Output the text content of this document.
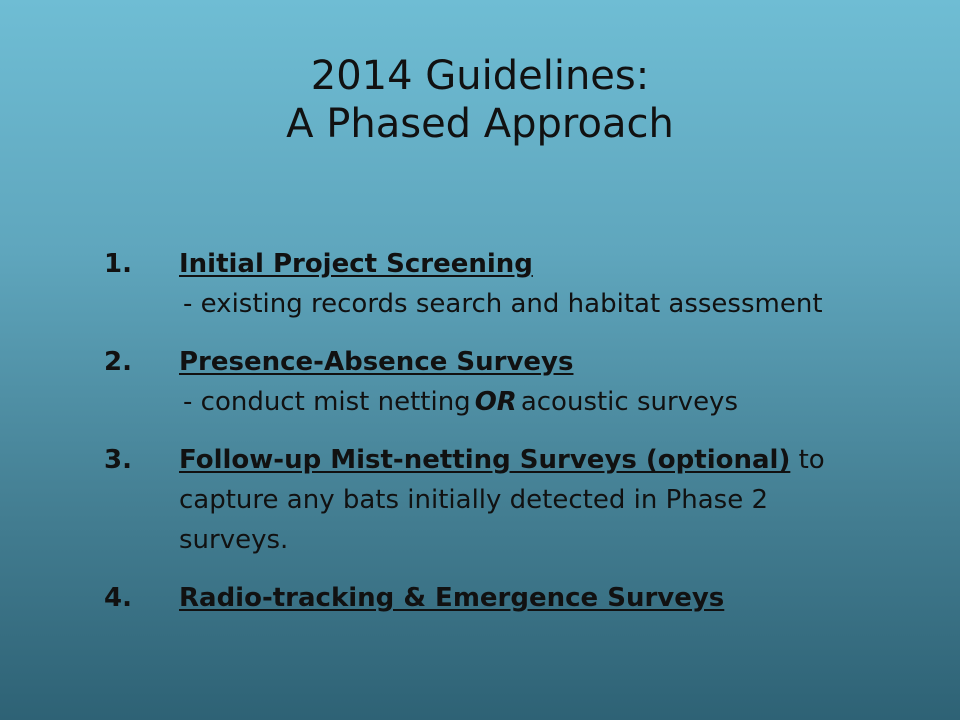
2014 Guidelines:
A Phased Approach
1. Initial Project Screening
- existing records search and habitat assessment
2. Presence-Absence Surveys
- conduct mist netting OR acoustic surveys
3. Follow-up Mist-netting Surveys (optional) to capture any bats initially detected in Phase 2 surveys.
4. Radio-tracking & Emergence Surveys
